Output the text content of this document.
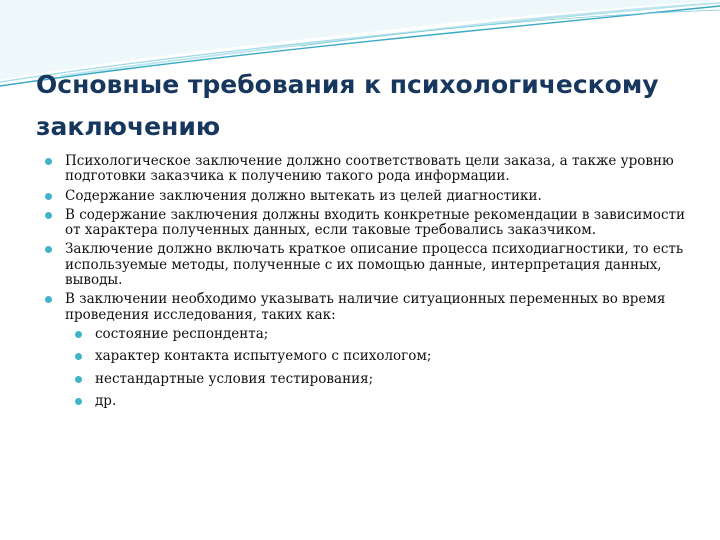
Основные требования к психологическому заключению
Психологическое заключение должно соответствовать цели заказа, а также уровню подготовки заказчика к получению такого рода информации.
Содержание заключения должно вытекать из целей диагностики.
В содержание заключения должны входить конкретные рекомендации в зависимости от характера полученных данных, если таковые требовались заказчиком.
Заключение должно включать краткое описание процесса психодиагностики, то есть используемые методы, полученные с их помощью данные, интерпретация данных, выводы.
В заключении необходимо указывать наличие ситуационных переменных во время проведения исследования, таких как:
состояние респондента;
характер контакта испытуемого с психологом;
нестандартные условия тестирования;
др.
